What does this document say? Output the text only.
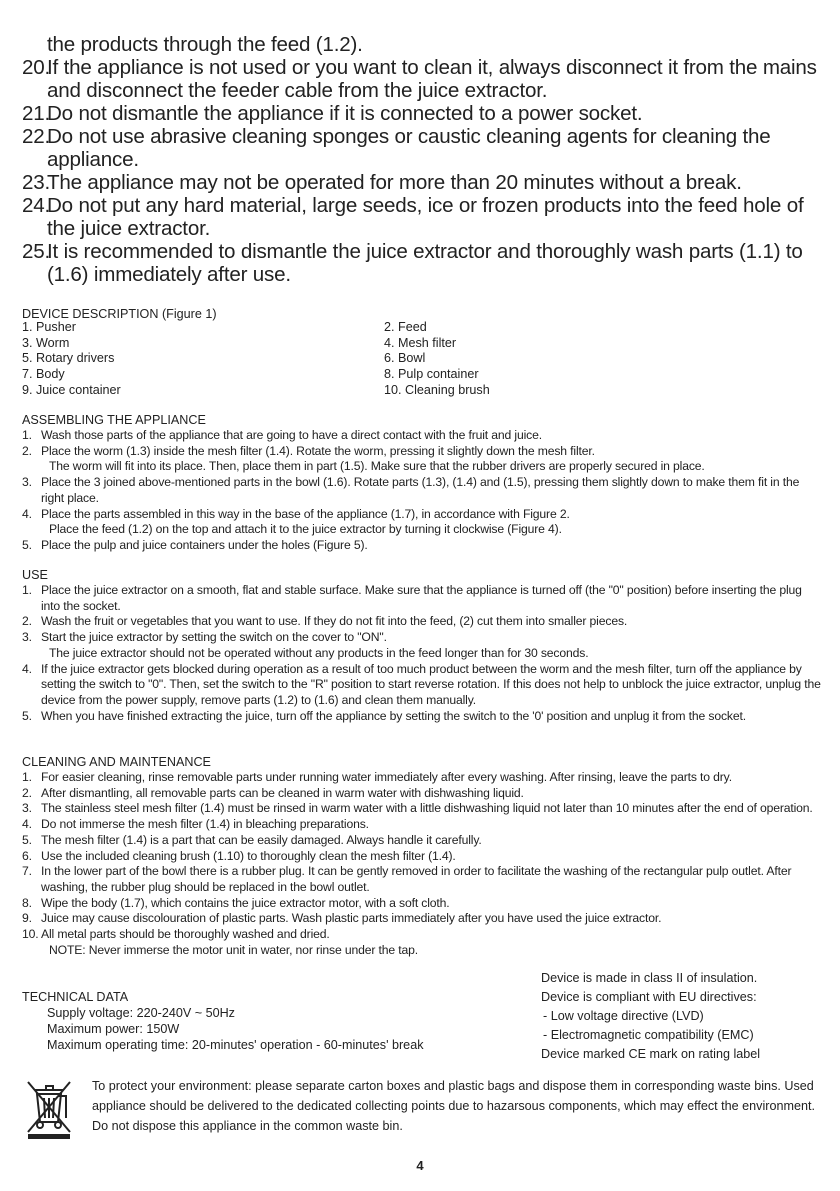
the products through the feed (1.2).
20.
If the appliance is not used or you want to clean it, always disconnect it from the mains and disconnect the feeder cable from the juice extractor.
21.
Do not dismantle the appliance if it is connected to a power socket.
22.
Do not use abrasive cleaning sponges or caustic cleaning agents for cleaning the appliance.
23.
The appliance may not be operated for more than 20 minutes without a break.
24.
Do not put any hard material, large seeds, ice or frozen products into the feed hole of the juice extractor.
25.
It is recommended to dismantle the juice extractor and thoroughly wash parts (1.1) to (1.6) immediately after use.
DEVICE DESCRIPTION (Figure 1)
1. Pusher	2. Feed
3. Worm	4. Mesh filter
5. Rotary drivers	6. Bowl
7. Body	8. Pulp container
9. Juice container	10. Cleaning brush
ASSEMBLING THE APPLIANCE
1. Wash those parts of the appliance that are going to have a direct contact with the fruit and juice.
2. Place the worm (1.3) inside the mesh filter (1.4). Rotate the worm, pressing it slightly down the mesh filter.
The worm will fit into its place. Then, place them in part (1.5). Make sure that the rubber drivers are properly secured in place.
3. Place the 3 joined above-mentioned parts in the bowl (1.6). Rotate parts (1.3), (1.4) and (1.5), pressing them slightly down to make them fit in the right place.
4. Place the parts assembled in this way in the base of the appliance (1.7), in accordance with Figure 2.
Place the feed (1.2) on the top and attach it to the juice extractor by turning it clockwise (Figure 4).
5. Place the pulp and juice containers under the holes (Figure 5).
USE
1. Place the juice extractor on a smooth, flat and stable surface. Make sure that the appliance is turned off (the "0" position) before inserting the plug into the socket.
2. Wash the fruit or vegetables that you want to use. If they do not fit into the feed, (2) cut them into smaller pieces.
3. Start the juice extractor by setting the switch on the cover to "ON".
The juice extractor should not be operated without any products in the feed longer than for 30 seconds.
4. If the juice extractor gets blocked during operation as a result of too much product between the worm and the mesh filter, turn off the appliance by setting the switch to "0". Then, set the switch to the "R" position to start reverse rotation. If this does not help to unblock the juice extractor, unplug the device from the power supply, remove parts (1.2) to (1.6) and clean them manually.
5. When you have finished extracting the juice, turn off the appliance by setting the switch to the '0' position and unplug it from the socket.
CLEANING AND MAINTENANCE
1. For easier cleaning, rinse removable parts under running water immediately after every washing. After rinsing, leave the parts to dry.
2. After dismantling, all removable parts can be cleaned in warm water with dishwashing liquid.
3. The stainless steel mesh filter (1.4) must be rinsed in warm water with a little dishwashing liquid not later than 10 minutes after the end of operation.
4. Do not immerse the mesh filter (1.4) in bleaching preparations.
5. The mesh filter (1.4) is a part that can be easily damaged. Always handle it carefully.
6. Use the included cleaning brush (1.10) to thoroughly clean the mesh filter (1.4).
7. In the lower part of the bowl there is a rubber plug. It can be gently removed in order to facilitate the washing of the rectangular pulp outlet. After washing, the rubber plug should be replaced in the bowl outlet.
8. Wipe the body (1.7), which contains the juice extractor motor, with a soft cloth.
9. Juice may cause discolouration of plastic parts. Wash plastic parts immediately after you have used the juice extractor.
10. All metal parts should be thoroughly washed and dried.
NOTE: Never immerse the motor unit in water, nor rinse under the tap.
TECHNICAL DATA
Supply voltage: 220-240V ~ 50Hz
Maximum power: 150W
Maximum operating time: 20-minutes' operation - 60-minutes' break
Device is made in class II of insulation.
Device is compliant with EU directives:
- Low voltage directive (LVD)
- Electromagnetic compatibility (EMC)
Device marked CE mark on rating label
To protect your environment: please separate carton boxes and plastic bags and dispose them in corresponding waste bins. Used appliance should be delivered to the dedicated collecting points due to hazarsous components, which may effect the environment. Do not dispose this appliance in the common waste bin.
4
